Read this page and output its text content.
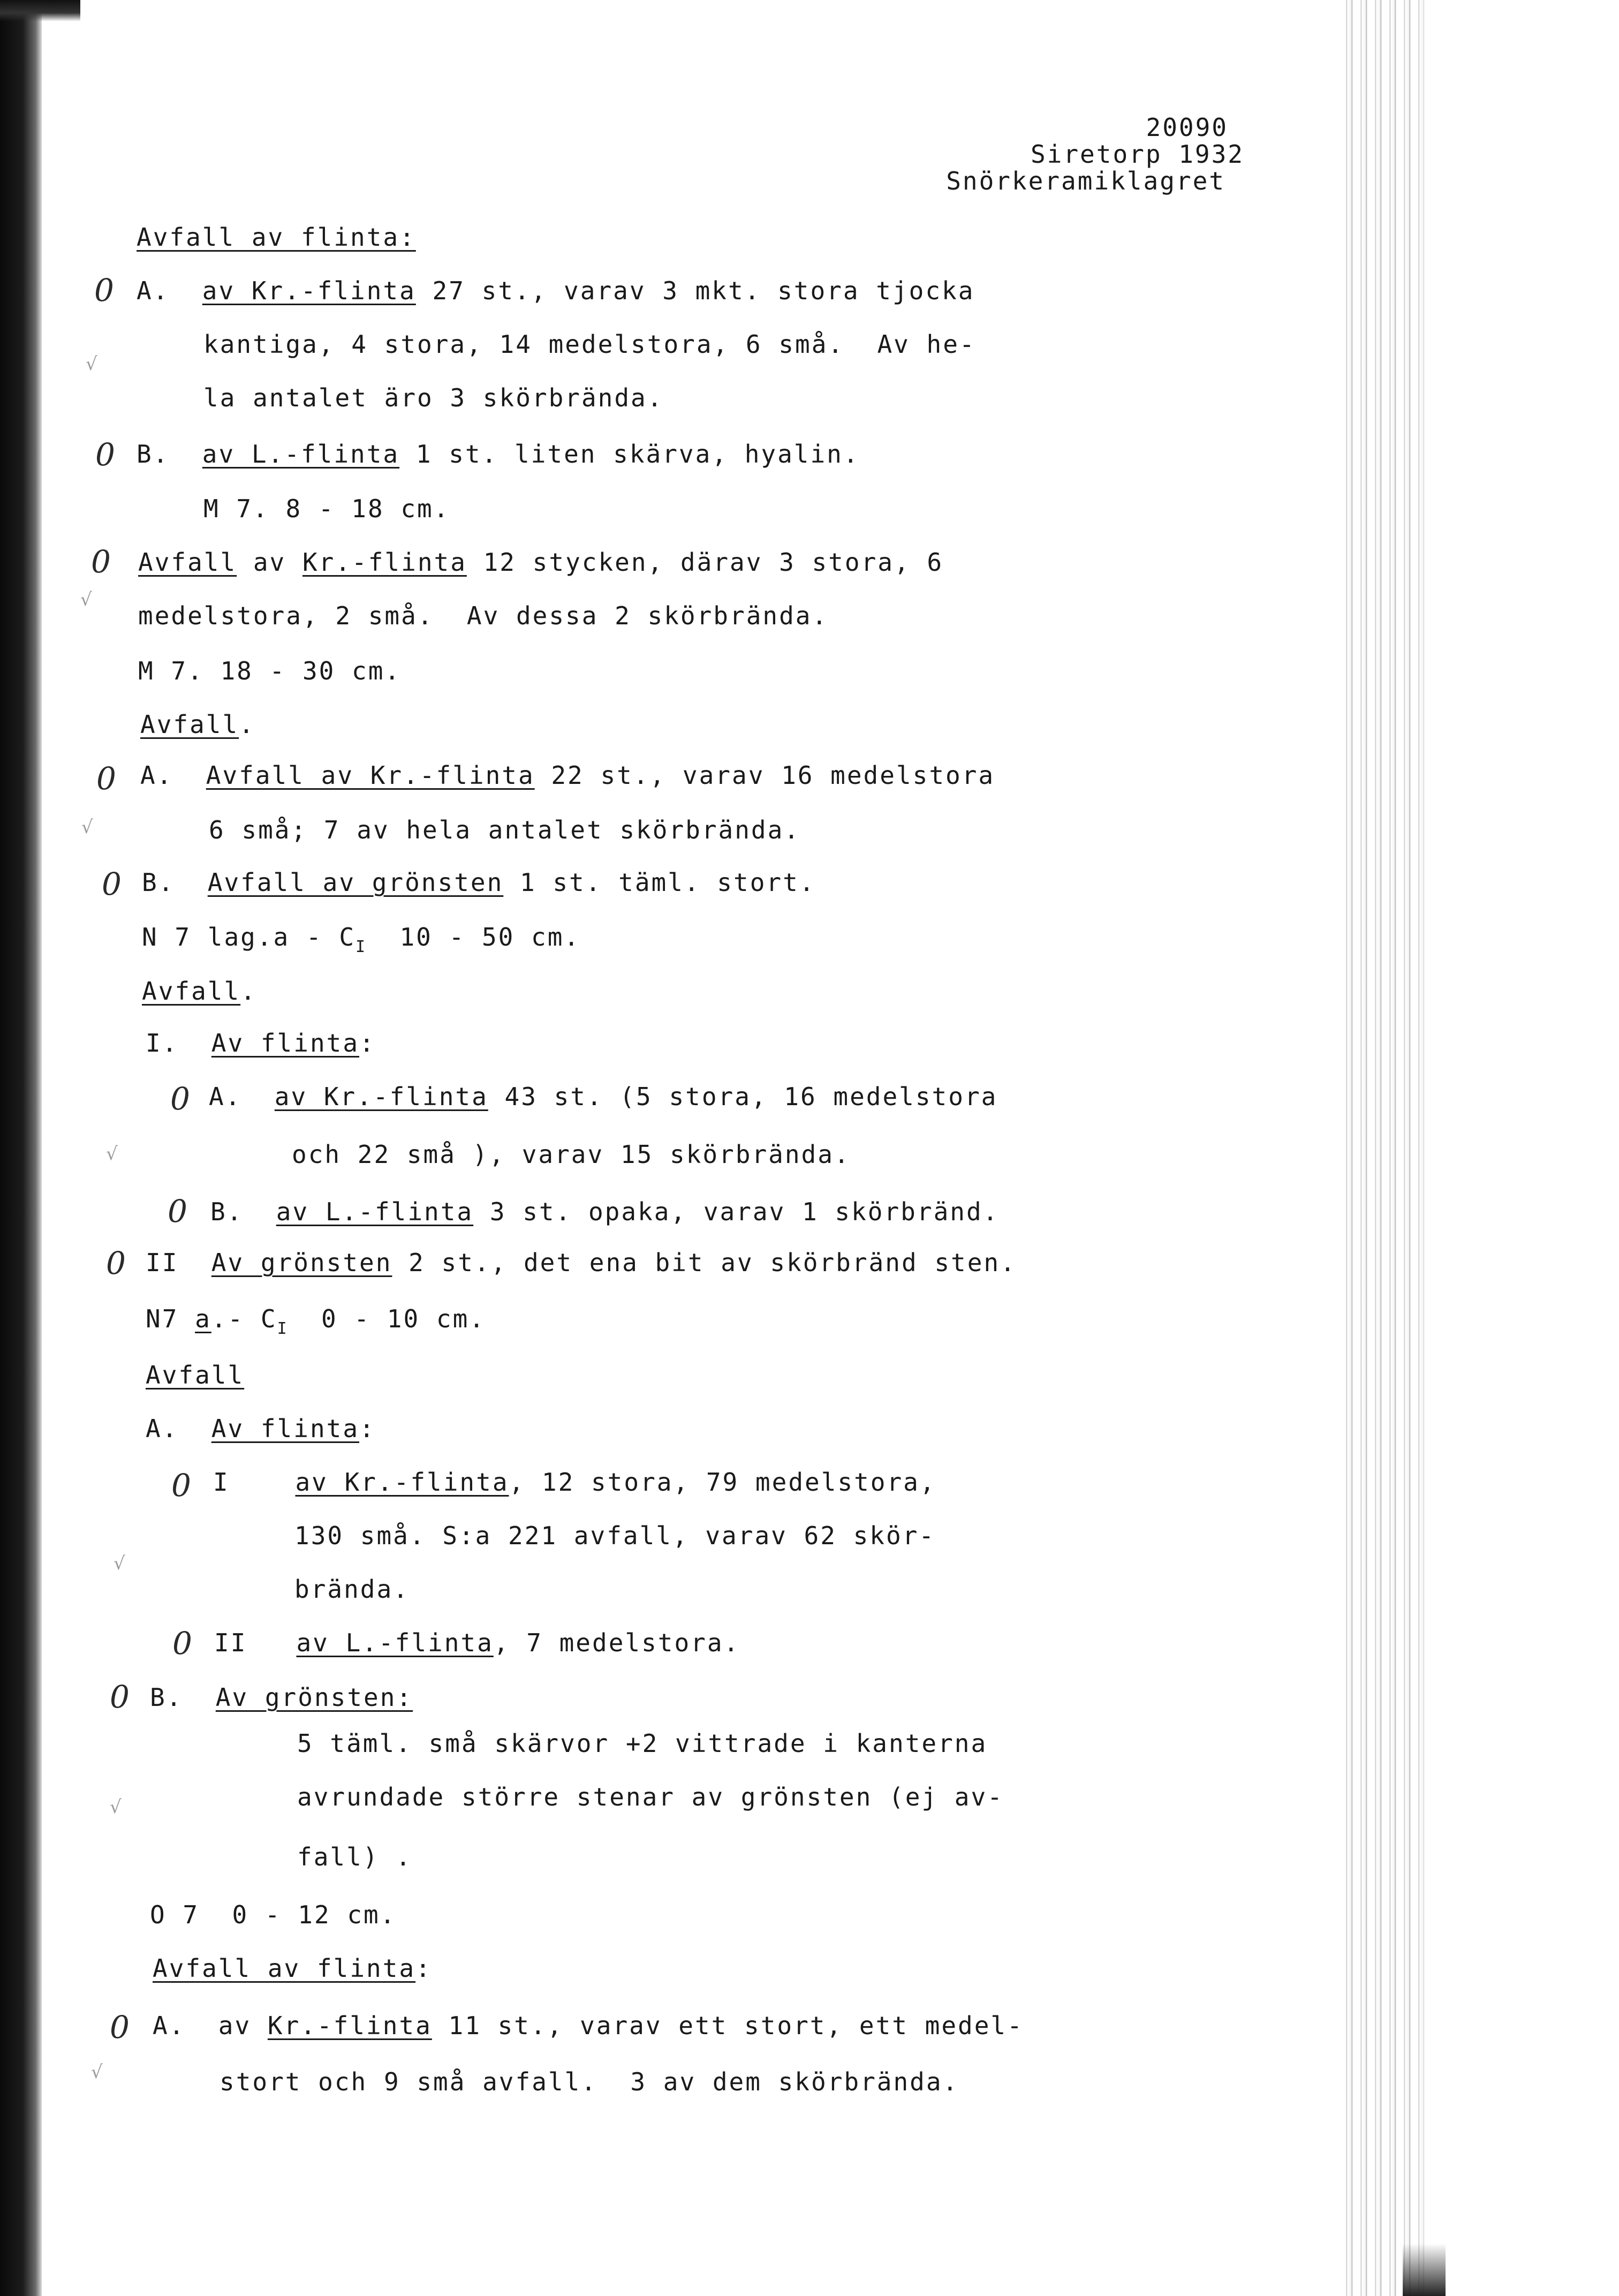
20090
Siretorp 1932
Snörkeramiklagret
Avfall av flinta:
0 A. av Kr.-flinta 27 st., varav 3 mkt. stora tjocka
√
kantiga, 4 stora, 14 medelstora, 6 små.  Av he-
la antalet äro 3 skörbrända.
0 B. av L.-flinta 1 st. liten skärva, hyalin.
M 7. 8 - 18 cm.
0
√
Avfall av Kr.-flinta 12 stycken, därav 3 stora, 6
medelstora, 2 små.  Av dessa 2 skörbrända.
M 7. 18 - 30 cm.
Avfall.
0 A. Avfall av Kr.-flinta 22 st., varav 16 medelstora
√	6 små; 7 av hela antalet skörbrända.
0 B. Avfall av grönsten 1 st. täml. stort.
N 7 $lag.a - C_I$  10 - 50 cm.
Avfall.
I. Av flinta:
0 A. av Kr.-flinta 43 st. (5 stora, 16 medelstora
√	och 22 små ), varav 15 skörbrända.
0 B. av L.-flinta 3 st. opaka, varav 1 skörbränd.
0 II Av grönsten 2 st., det ena bit av skörbränd sten.
N7 a.- $C_I$  0 - 10 cm.
Avfall
A. Av flinta:
0 I	av Kr.-flinta, 12 stora, 79 medelstora,
130 små. S:a 221 avfall, varav 62 skör-
√
brända.
0 II av L.-flinta, 7 medelstora.
0 B. Av grönsten:
5 täml. små skärvor +2 vittrade i kanterna
√	avrundade större stenar av grönsten (ej av-
fall) .
O 7  0 - 12 cm.
Avfall av flinta:
0 A. av Kr.-flinta 11 st., varav ett stort, ett medel-
√	stort och 9 små avfall.  3 av dem skörbrända.
